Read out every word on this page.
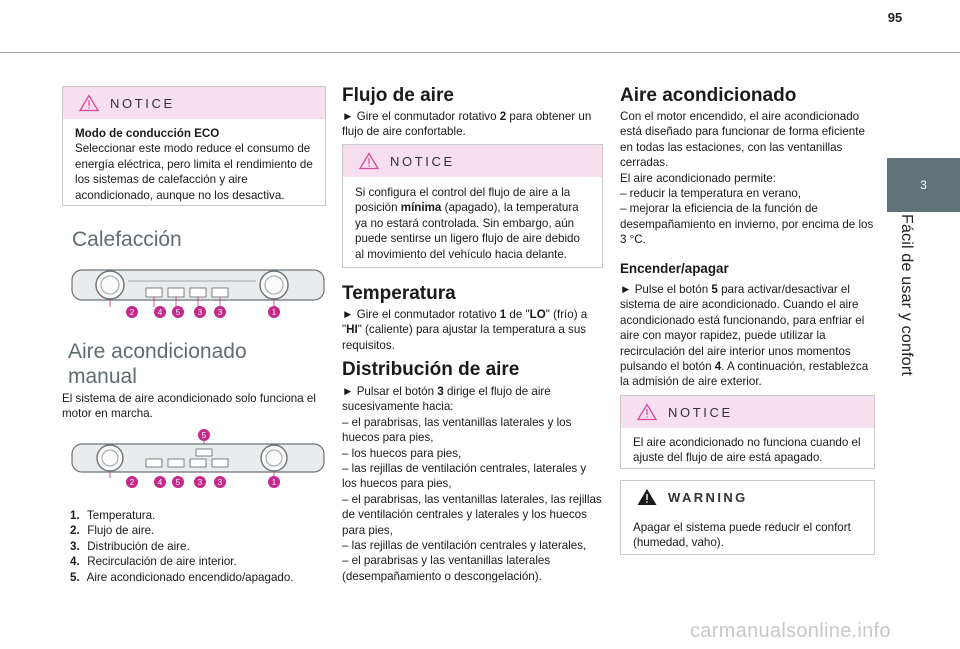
95
3
Fácil de usar y confort
NOTICE

Modo de conducción ECO

Seleccionar este modo reduce el consumo de energía eléctrica, pero limita el rendimiento de los sistemas de calefacción y aire acondicionado, aunque no los desactiva.

Calefacción
2	4 5 3 3	1
Aire acondicionado manual

El sistema de aire acondicionado solo funciona el motor en marcha.

5
2	4 5 3 3	1

1. Temperatura.

2. Flujo de aire.

3. Distribución de aire.

4. Recirculación de aire interior.

5. Aire acondicionado encendido/apagado.

Flujo de aire

► Gire el conmutador rotativo 2 para obtener un flujo de aire confortable.

NOTICE

Si configura el control del flujo de aire a la posición mínima (apagado), la temperatura ya no estará controlada. Sin embargo, aún puede sentirse un ligero flujo de aire debido al movimiento del vehículo hacia delante.

Temperatura

► Gire el conmutador rotativo 1 de "LO" (frío) a "HI" (caliente) para ajustar la temperatura a sus requisitos.

Distribución de aire

► Pulsar el botón 3 dirige el flujo de aire sucesivamente hacia:

– el parabrisas, las ventanillas laterales y los huecos para pies,

– los huecos para pies,

– las rejillas de ventilación centrales, laterales y los huecos para pies,

– el parabrisas, las ventanillas laterales, las rejillas de ventilación centrales y laterales y los huecos para pies,

– las rejillas de ventilación centrales y laterales,

– el parabrisas y las ventanillas laterales (desempañamiento o descongelación).

Aire acondicionado

Con el motor encendido, el aire acondicionado está diseñado para funcionar de forma eficiente en todas las estaciones, con las ventanillas cerradas.

El aire acondicionado permite:

– reducir la temperatura en verano,

– mejorar la eficiencia de la función de desempañamiento en invierno, por encima de los 3 °C.

Encender/apagar

► Pulse el botón 5 para activar/desactivar el sistema de aire acondicionado. Cuando el aire acondicionado está funcionando, para enfriar el aire con mayor rapidez, puede utilizar la recirculación del aire interior unos momentos pulsando el botón 4. A continuación, restablezca la admisión de aire exterior.

NOTICE

El aire acondicionado no funciona cuando el ajuste del flujo de aire está apagado.

WARNING

Apagar el sistema puede reducir el confort (humedad, vaho).

carmanualsonline.info
